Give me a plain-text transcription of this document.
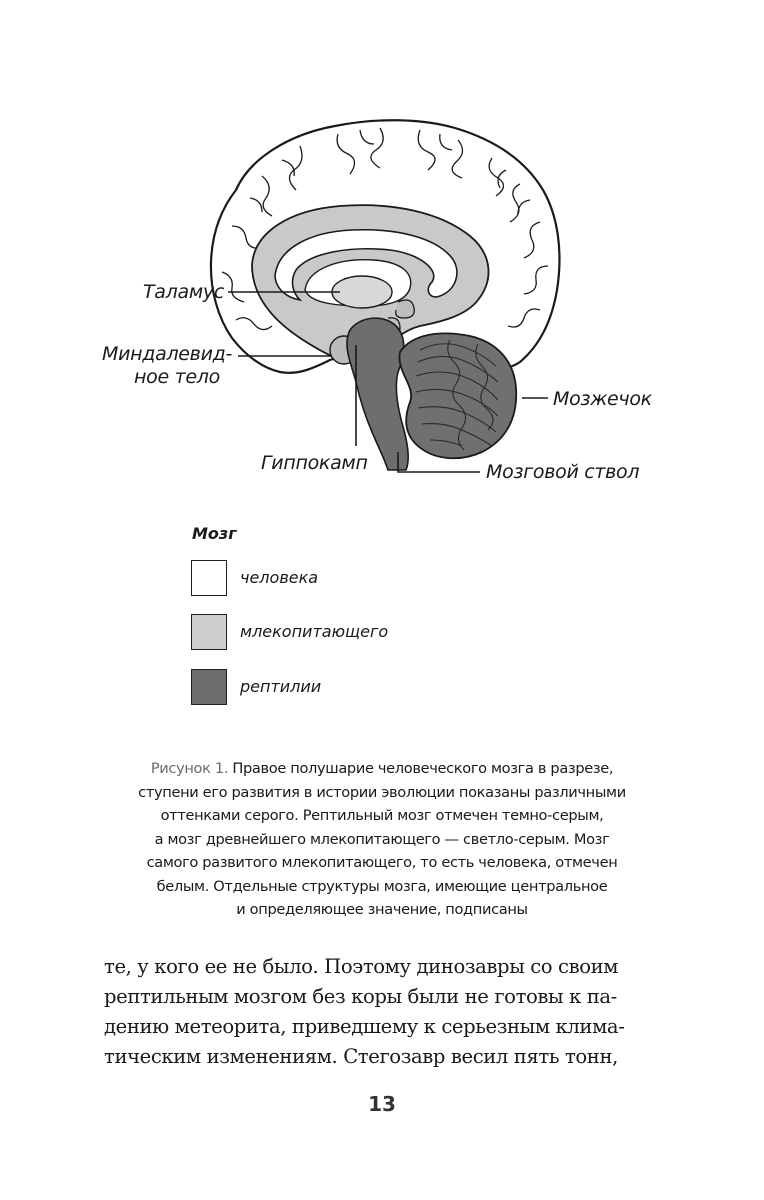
Таламус
Миндалевид-
ное тело
Мозжечок
Гиппокамп	Мозговой ствол
Мозг
человека
млекопитающего
рептилии
Рисунок 1. Правое полушарие человеческого мозга в разрезе,
ступени его развития в истории эволюции показаны различными
оттенками серого. Рептильный мозг отмечен темно-серым,
а мозг древнейшего млекопитающего — светло-серым. Мозг
самого развитого млекопитающего, то есть человека, отмечен
белым. Отдельные структуры мозга, имеющие центральное
и определяющее значение, подписаны
те, у кого ее не было. Поэтому динозавры со своим
рептильным мозгом без коры были не готовы к па-
дению метеорита, приведшему к серьезным клима-
тическим изменениям. Стегозавр весил пять тонн,
13
